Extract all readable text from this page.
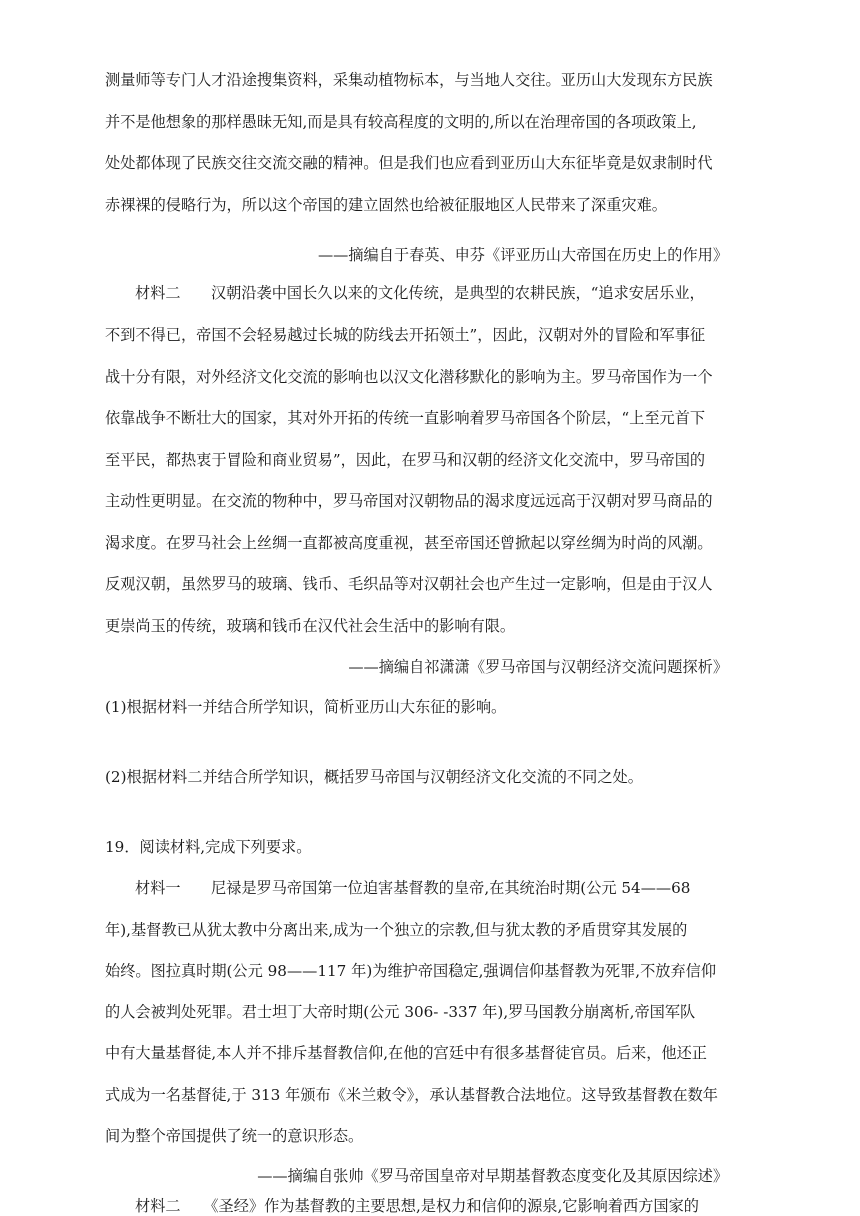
测量师等专门人才沿途搜集资料，采集动植物标本，与当地人交往。亚历山大发现东方民族
并不是他想象的那样愚昧无知,而是具有较高程度的文明的,所以在治理帝国的各项政策上,
处处都体现了民族交往交流交融的精神。但是我们也应看到亚历山大东征毕竟是奴隶制时代
赤裸裸的侵略行为，所以这个帝国的建立固然也给被征服地区人民带来了深重灾难。
——摘编自于春英、申芬《评亚历山大帝国在历史上的作用》
材料二　　汉朝沿袭中国长久以来的文化传统，是典型的农耕民族，“追求安居乐业，
不到不得已，帝国不会轻易越过长城的防线去开拓领土”，因此，汉朝对外的冒险和军事征
战十分有限，对外经济文化交流的影响也以汉文化潜移默化的影响为主。罗马帝国作为一个
依靠战争不断壮大的国家，其对外开拓的传统一直影响着罗马帝国各个阶层，“上至元首下
至平民，都热衷于冒险和商业贸易”，因此，在罗马和汉朝的经济文化交流中，罗马帝国的
主动性更明显。在交流的物种中，罗马帝国对汉朝物品的渴求度远远高于汉朝对罗马商品的
渴求度。在罗马社会上丝绸一直都被高度重视，甚至帝国还曾掀起以穿丝绸为时尚的风潮。
反观汉朝，虽然罗马的玻璃、钱币、毛织品等对汉朝社会也产生过一定影响，但是由于汉人
更崇尚玉的传统，玻璃和钱币在汉代社会生活中的影响有限。
——摘编自祁潇潇《罗马帝国与汉朝经济交流问题探析》
(1)根据材料一并结合所学知识，简析亚历山大东征的影响。
(2)根据材料二并结合所学知识，概括罗马帝国与汉朝经济文化交流的不同之处。
19．阅读材料,完成下列要求。
材料一　　尼禄是罗马帝国第一位迫害基督教的皇帝,在其统治时期(公元 54——68
年),基督教已从犹太教中分离出来,成为一个独立的宗教,但与犹太教的矛盾贯穿其发展的
始终。图拉真时期(公元 98——117 年)为维护帝国稳定,强调信仰基督教为死罪,不放弃信仰
的人会被判处死罪。君士坦丁大帝时期(公元 306- -337 年),罗马国教分崩离析,帝国军队
中有大量基督徒,本人并不排斥基督教信仰,在他的宫廷中有很多基督徒官员。后来，他还正
式成为一名基督徒,于 313 年颁布《米兰敕令》，承认基督教合法地位。这导致基督教在数年
间为整个帝国提供了统一的意识形态。
——摘编自张帅《罗马帝国皇帝对早期基督教态度变化及其原因综述》
材料二　　《圣经》作为基督教的主要思想,是权力和信仰的源泉,它影响着西方国家的
